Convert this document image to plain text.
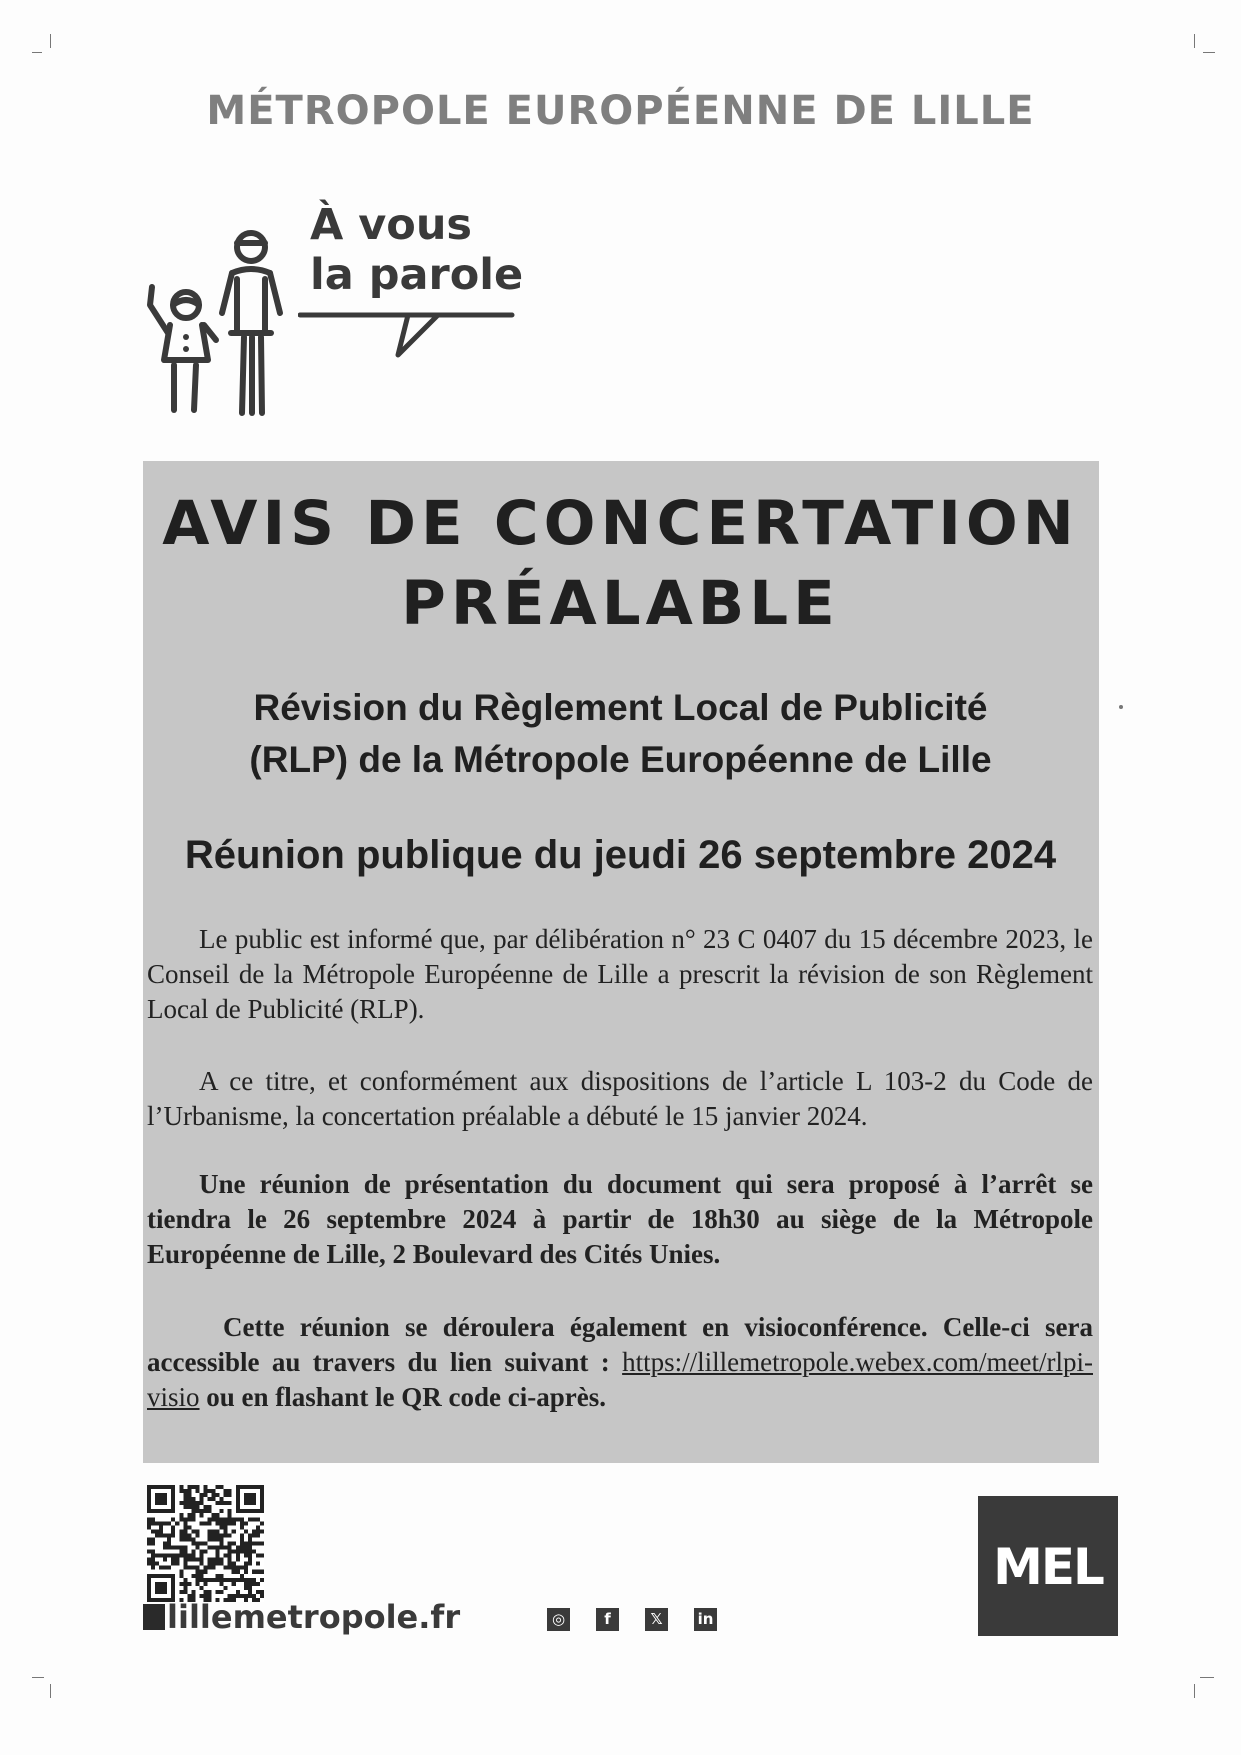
MÉTROPOLE EUROPÉENNE DE LILLE
À vous
la parole
AVIS DE CONCERTATION
PRÉALABLE
Révision du Règlement Local de Publicité
(RLP) de la Métropole Européenne de Lille
Réunion publique du jeudi 26 septembre 2024

Le public est informé que, par délibération n° 23 C 0407 du 15 décembre 2023, le Conseil de la Métropole Européenne de Lille a prescrit la révision de son Règlement Local de Publicité (RLP).

A ce titre, et conformément aux dispositions de l’article L 103-2 du Code de l’Urbanisme, la concertation préalable a débuté le 15 janvier 2024.

Une réunion de présentation du document qui sera proposé à l’arrêt se tiendra le 26 septembre 2024 à partir de 18h30 au siège de la Métropole Européenne de Lille, 2 Boulevard des Cités Unies.

Cette réunion se déroulera également en visioconférence. Celle-ci sera accessible au travers du lien suivant : https://lillemetropole.webex.com/meet/rlpi-visio ou en flashant le QR code ci-après.

lillemetropole.fr	◎	f	𝕏	in
MEL
